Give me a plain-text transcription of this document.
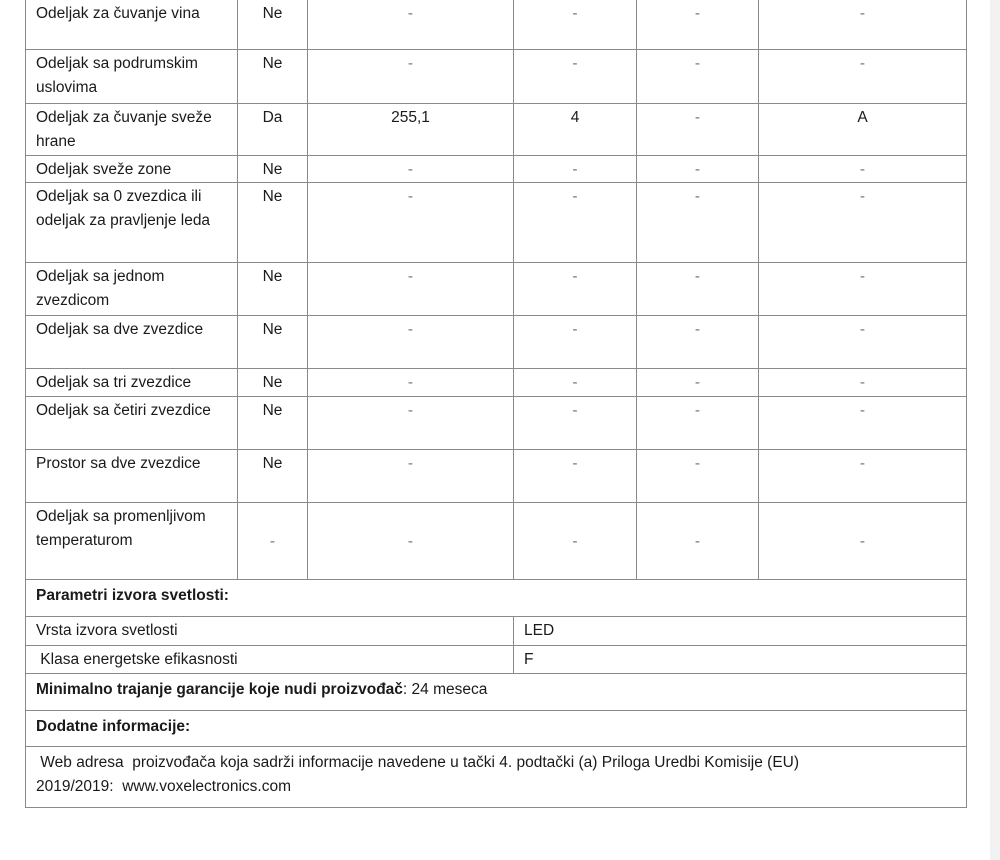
Odeljak za čuvanje vina	Ne	-	-	-	-
Odeljak sa podrumskim uslovima	Ne	-	-	-	-
Odeljak za čuvanje sveže hrane	Da	255,1	4	-	A
Odeljak sveže zone	Ne	-	-	-	-
Odeljak sa 0 zvezdica ili odeljak za pravljenje leda	Ne	-	-	-	-
Odeljak sa jednom zvezdicom	Ne	-	-	-	-
Odeljak sa dve zvezdice	Ne	-	-	-	-
Odeljak sa tri zvezdice	Ne	-	-	-	-
Odeljak sa četiri zvezdice	Ne	-	-	-	-
Prostor sa dve zvezdice	Ne	-	-	-	-
Odeljak sa promenljivom temperaturom	-	-	-	-	-
Parametri izvora svetlosti:					
Vrsta izvora svetlosti			LED		
Klasa energetske efikasnosti			F		
Minimalno trajanje garancije koje nudi proizvođač: 24 meseca					
Dodatne informacije:					

Web adresa  proizvođača koja sadrži informacije navedene u tački 4. podtački (a) Priloga Uredbi Komisije (EU)
2019/2019:  www.voxelectronics.com					
